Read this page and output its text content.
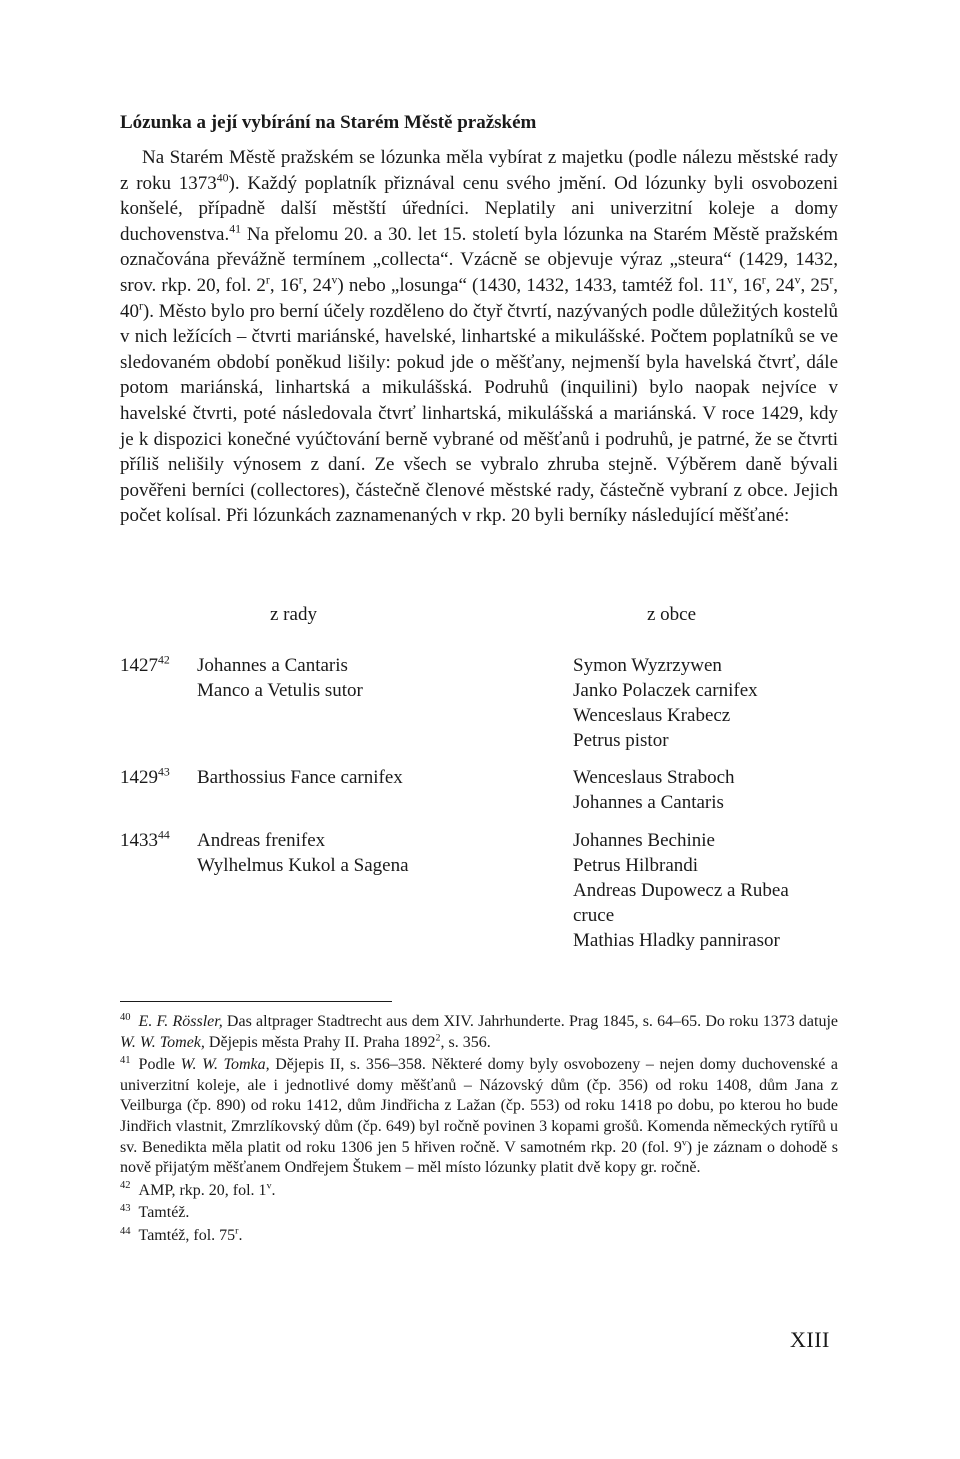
Lózunka a její vybírání na Starém Městě pražském

Na Starém Městě pražském se lózunka měla vybírat z majetku (podle nálezu městské rady z roku 1373$^{40}$). Každý poplatník přiznával cenu svého jmění. Od lózunky byli osvobozeni konšelé, případně další městští úředníci. Neplatily ani univerzitní koleje a domy duchovenstva.$^{41}$ Na přelomu 20. a 30. let 15. století byla lózunka na Starém Městě pražském označována převážně termínem „collecta“. Vzácně se objevuje výraz „steura“ (1429, 1432, srov. rkp. 20, fol. 2$^r$, 16$^r$, 24$^v$) nebo „losunga“ (1430, 1432, 1433, tamtéž fol. 11$^v$, 16$^r$, 24$^v$, 25$^r$, 40$^r$). Město bylo pro berní účely rozděleno do čtyř čtvrtí, nazývaných podle důležitých kostelů v nich ležících – čtvrti mariánské, havelské, linhartské a mikulášské. Počtem poplatníků se ve sledovaném období poněkud lišily: pokud jde o měšťany, nejmenší byla havelská čtvrť, dále potom mariánská, linhartská a mikulášská. Podruhů (inquilini) bylo naopak nejvíce v havelské čtvrti, poté následovala čtvrť linhartská, mikulášská a mariánská. V roce 1429, kdy je k dispozici konečné vyúčtování berně vybrané od měšťanů i podruhů, je patrné, že se čtvrti příliš nelišily výnosem z daní. Ze všech se vybralo zhruba stejně. Výběrem daně bývali pověřeni berníci (collectores), částečně členové městské rady, částečně vybraní z obce. Jejich počet kolísal. Při lózunkách zaznamenaných v rkp. 20 byli berníky následující měšťané:

z rady	z obce
1427$^{42}$ Johannes a Cantaris
Manco a Vetulis sutor
Symon Wyzrzywen
Janko Polaczek carnifex
Wenceslaus Krabecz
Petrus pistor
1429$^{43}$ Barthossius Fance carnifex	Wenceslaus Straboch
Johannes a Cantaris
1433$^{44}$ Andreas frenifex
Wylhelmus Kukol a Sagena
Johannes Bechinie
Petrus Hilbrandi
Andreas Dupowecz a Rubea
cruce
Mathias Hladky pannirasor

$^{40}$ E. F. Rössler, Das altprager Stadtrecht aus dem XIV. Jahrhunderte. Prag 1845, s. 64–65. Do roku 1373 datuje W. W. Tomek, Dějepis města Prahy II. Praha 1892$^2$, s. 356.

$^{41}$ Podle W. W. Tomka, Dějepis II, s. 356–358. Některé domy byly osvobozeny – nejen domy duchovenské a univerzitní koleje, ale i jednotlivé domy měšťanů – Názovský dům (čp. 356) od roku 1408, dům Jana z Veilburga (čp. 890) od roku 1412, dům Jindřicha z Lažan (čp. 553) od roku 1418 po dobu, po kterou ho bude Jindřich vlastnit, Zmrzlíkovský dům (čp. 649) byl ročně povinen 3 kopami grošů. Komenda německých rytířů u sv. Benedikta měla platit od roku 1306 jen 5 hřiven ročně. V samotném rkp. 20 (fol. 9$^v$) je záznam o dohodě s nově přijatým měšťanem Ondřejem Štukem – měl místo lózunky platit dvě kopy gr. ročně.

$^{42}$ AMP, rkp. 20, fol. 1$^v$.

$^{43}$ Tamtéž.

$^{44}$ Tamtéž, fol. 75$^r$.

XIII
